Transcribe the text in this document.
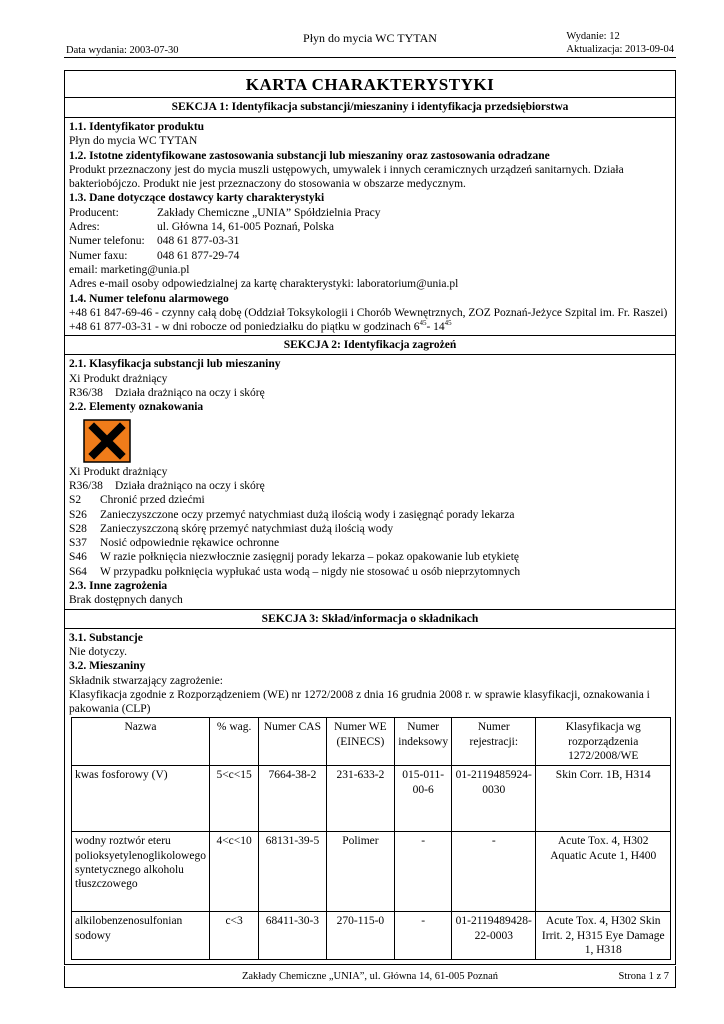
Płyn do mycia WC TYTAN
Data wydania: 2003-07-30
Wydanie: 12
Aktualizacja: 2013-09-04
KARTA CHARAKTERYSTYKI
SEKCJA 1: Identyfikacja substancji/mieszaniny i identyfikacja przedsiębiorstwa
1.1. Identyfikator produktu
Płyn do mycia WC TYTAN
1.2. Istotne zidentyfikowane zastosowania substancji lub mieszaniny oraz zastosowania odradzane
Produkt przeznaczony jest do mycia muszli ustępowych, umywalek i innych ceramicznych urządzeń sanitarnych. Działa bakteriobójczo. Produkt nie jest przeznaczony do stosowania w obszarze medycznym.
1.3. Dane dotyczące dostawcy karty charakterystyki
Producent:	Zakłady Chemiczne „UNIA” Spółdzielnia Pracy
Adres:	ul. Główna 14, 61-005 Poznań, Polska
Numer telefonu:	048 61 877-03-31
Numer faxu:	048 61 877-29-74
email: marketing@unia.pl
Adres e-mail osoby odpowiedzialnej za kartę charakterystyki: laboratorium@unia.pl
1.4. Numer telefonu alarmowego
+48 61 847-69-46 - czynny całą dobę (Oddział Toksykologii i Chorób Wewnętrznych, ZOZ Poznań-Jeżyce Szpital im. Fr. Raszei)
+48 61 877-03-31 - w dni robocze od poniedziałku do piątku w godzinach $6^{45}-$ $14^{45}$
SEKCJA 2: Identyfikacja zagrożeń
2.1. Klasyfikacja substancji lub mieszaniny
Xi Produkt drażniący
R36/38	Działa drażniąco na oczy i skórę
2.2. Elementy oznakowania
Xi Produkt drażniący
R36/38	Działa drażniąco na oczy i skórę
S2	Chronić przed dziećmi
S26	Zanieczyszczone oczy przemyć natychmiast dużą ilością wody i zasięgnąć porady lekarza
S28	Zanieczyszczoną skórę przemyć natychmiast dużą ilością wody
S37	Nosić odpowiednie rękawice ochronne
S46	W razie połknięcia niezwłocznie zasięgnij porady lekarza – pokaz opakowanie lub etykietę
S64	W przypadku połknięcia wypłukać usta wodą – nigdy nie stosować u osób nieprzytomnych
2.3. Inne zagrożenia
Brak dostępnych danych
SEKCJA 3: Skład/informacja o składnikach
3.1. Substancje
Nie dotyczy.
3.2. Mieszaniny
Składnik stwarzający zagrożenie:
Klasyfikacja zgodnie z Rozporządzeniem (WE) nr 1272/2008 z dnia 16 grudnia 2008 r. w sprawie klasyfikacji, oznakowania i pakowania (CLP)
Nazwa	% wag.	Numer CAS	Numer WE (EINECS)	Numer indeksowy	Numer rejestracji:	Klasyfikacja wg rozporządzenia 1272/2008/WE
kwas fosforowy (V)	5<c<15	7664-38-2	231-633-2	015-011-00-6	01-2119485924-0030	Skin Corr. 1B, H314
wodny roztwór eteru polioksyetylenoglikolowego syntetycznego alkoholu tłuszczowego	4<c<10	68131-39-5	Polimer	-	-	Acute Tox. 4, H302 Aquatic Acute 1, H400
alkilobenzenosulfonian sodowy	c<3	68411-30-3	270-115-0	-	01-2119489428-22-0003	Acute Tox. 4, H302 Skin Irrit. 2, H315 Eye Damage 1, H318
Zakłady Chemiczne „UNIA”, ul. Główna 14, 61-005 Poznań	Strona 1 z 7
